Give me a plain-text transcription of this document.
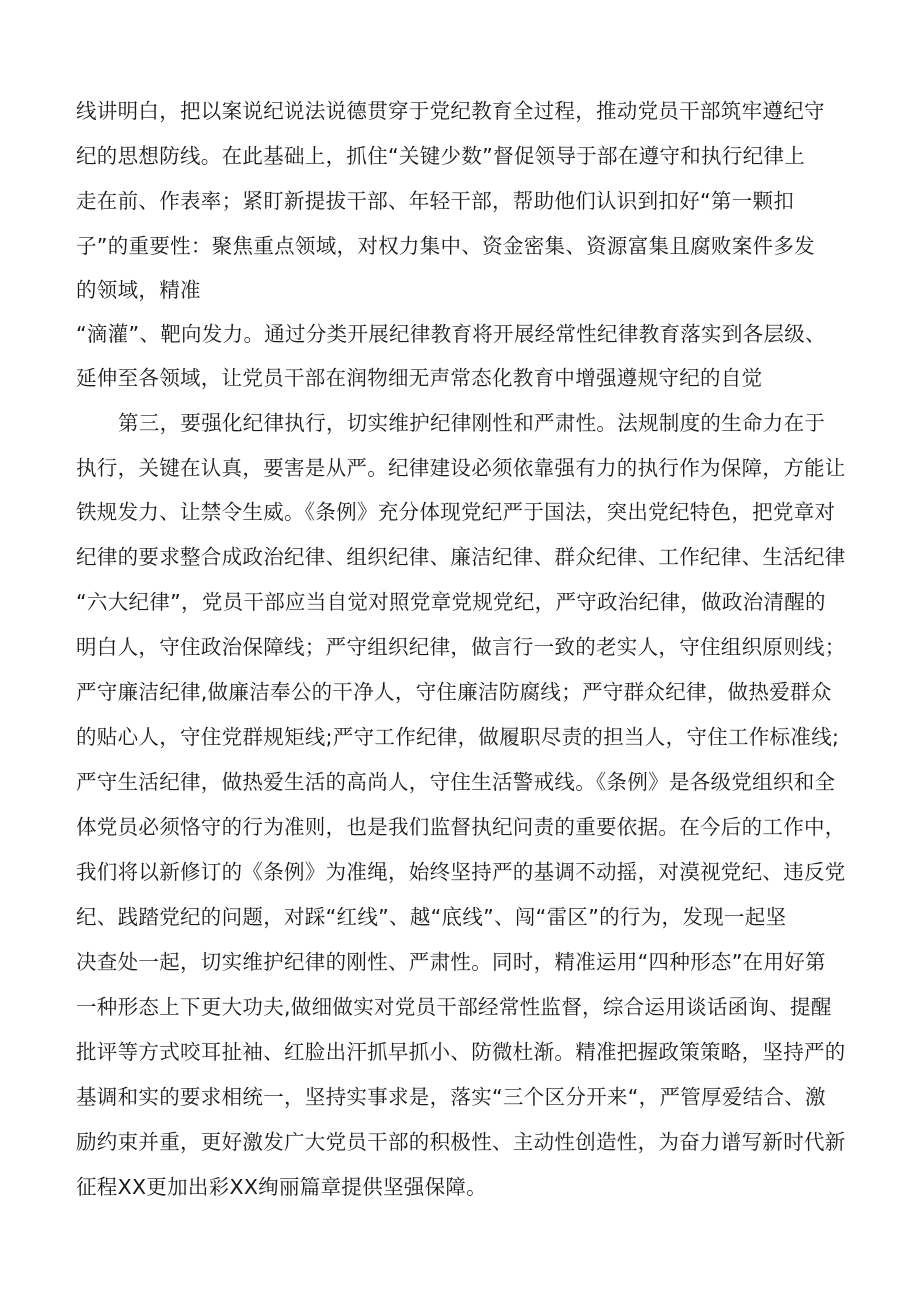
线讲明白，把以案说纪说法说德贯穿于党纪教育全过程，推动党员干部筑牢遵纪守
纪的思想防线。在此基础上，抓住“关键少数”督促领导于部在遵守和执行纪律上
走在前、作表率；紧盯新提拔干部、年轻干部，帮助他们认识到扣好“第一颗扣
子”的重要性：聚焦重点领域，对权力集中、资金密集、资源富集且腐败案件多发
的领域，精准
“滴灌”、靶向发力。通过分类开展纪律教育将开展经常性纪律教育落实到各层级、
延伸至各领域，让党员干部在润物细无声常态化教育中增强遵规守纪的自觉
第三，要强化纪律执行，切实维护纪律刚性和严肃性。法规制度的生命力在于
执行，关键在认真，要害是从严。纪律建设必须依靠强有力的执行作为保障，方能让
铁规发力、让禁令生威。《条例》充分体现党纪严于国法，突出党纪特色，把党章对
纪律的要求整合成政治纪律、组织纪律、廉洁纪律、群众纪律、工作纪律、生活纪律
“六大纪律”，党员干部应当自觉对照党章党规党纪，严守政治纪律，做政治清醒的
明白人，守住政治保障线；严守组织纪律，做言行一致的老实人，守住组织原则线；
严守廉洁纪律,做廉洁奉公的干净人，守住廉洁防腐线；严守群众纪律，做热爱群众
的贴心人，守住党群规矩线;严守工作纪律，做履职尽责的担当人，守住工作标准线;
严守生活纪律，做热爱生活的高尚人，守住生活警戒线。《条例》是各级党组织和全
体党员必须恪守的行为准则，也是我们监督执纪问责的重要依据。在今后的工作中，
我们将以新修订的《条例》为准绳，始终坚持严的基调不动摇，对漠视党纪、违反党
纪、践踏党纪的问题，对踩“红线”、越“底线”、闯“雷区”的行为，发现一起坚
决查处一起，切实维护纪律的刚性、严肃性。同时，精准运用“四种形态”在用好第
一种形态上下更大功夫,做细做实对党员干部经常性监督，综合运用谈话函询、提醒
批评等方式咬耳扯袖、红脸出汗抓早抓小、防微杜渐。精准把握政策策略，坚持严的
基调和实的要求相统一，坚持实事求是，落实“三个区分开来“，严管厚爱结合、激
励约束并重，更好激发广大党员干部的积极性、主动性创造性，为奋力谱写新时代新
征程XX更加出彩XX绚丽篇章提供坚强保障。
